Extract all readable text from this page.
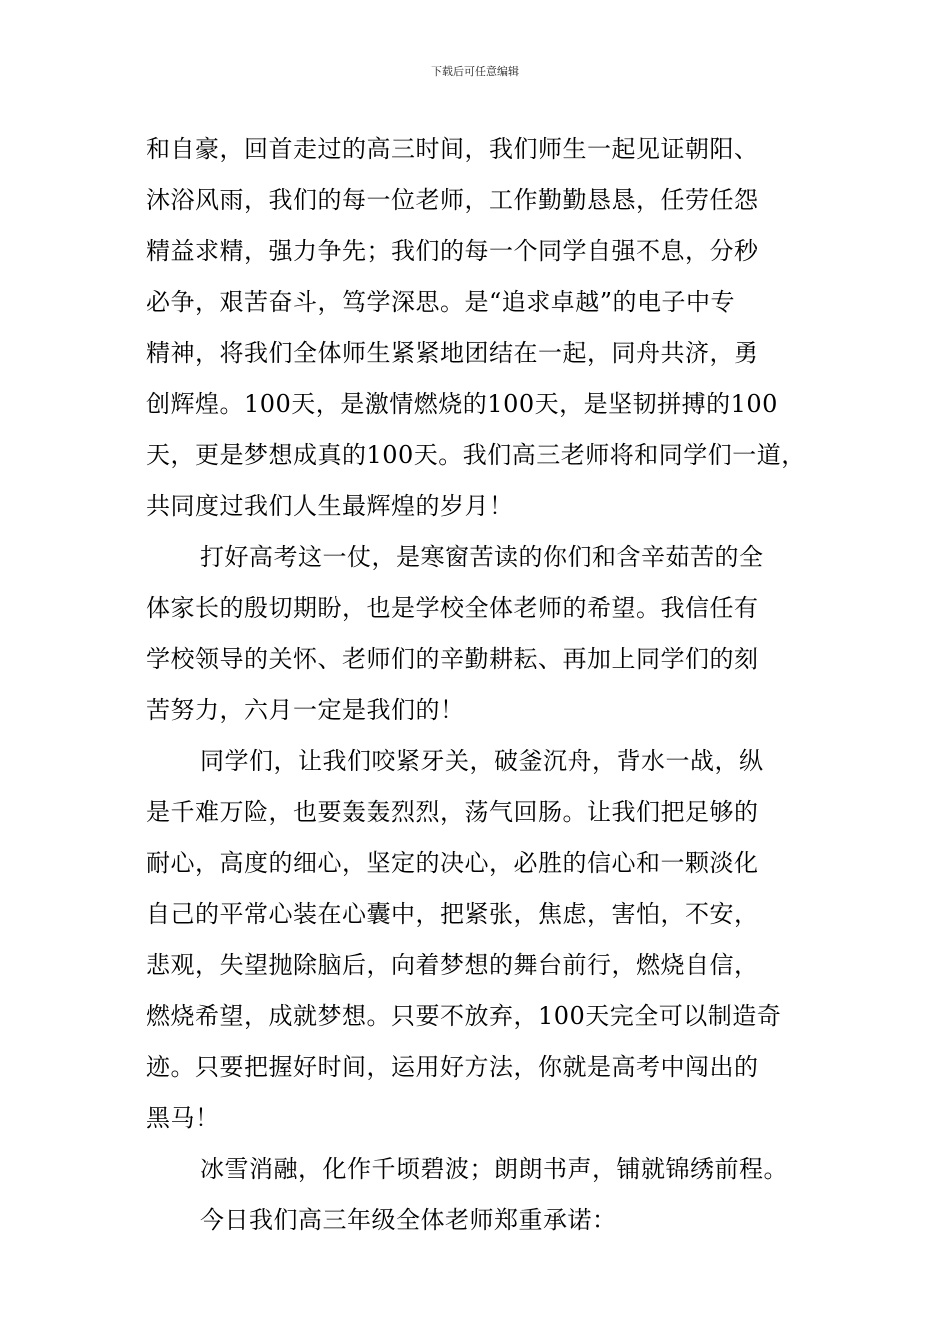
下载后可任意编辑
和自豪，回首走过的高三时间，我们师生一起见证朝阳、
沐浴风雨，我们的每一位老师，工作勤勤恳恳，任劳任怨
精益求精，强力争先；我们的每一个同学自强不息，分秒
必争，艰苦奋斗，笃学深思。是“追求卓越”的电子中专
精神，将我们全体师生紧紧地团结在一起，同舟共济，勇
创辉煌。100天，是激情燃烧的100天，是坚韧拼搏的100
天，更是梦想成真的100天。我们高三老师将和同学们一道，
共同度过我们人生最辉煌的岁月！
打好高考这一仗，是寒窗苦读的你们和含辛茹苦的全
体家长的殷切期盼，也是学校全体老师的希望。我信任有
学校领导的关怀、老师们的辛勤耕耘、再加上同学们的刻
苦努力，六月一定是我们的！
同学们，让我们咬紧牙关，破釜沉舟，背水一战，纵
是千难万险，也要轰轰烈烈，荡气回肠。让我们把足够的
耐心，高度的细心，坚定的决心，必胜的信心和一颗淡化
自己的平常心装在心囊中，把紧张，焦虑，害怕，不安，
悲观，失望抛除脑后，向着梦想的舞台前行，燃烧自信，
燃烧希望，成就梦想。只要不放弃，100天完全可以制造奇
迹。只要把握好时间，运用好方法，你就是高考中闯出的
黑马！
冰雪消融，化作千顷碧波；朗朗书声，铺就锦绣前程。
今日我们高三年级全体老师郑重承诺：
